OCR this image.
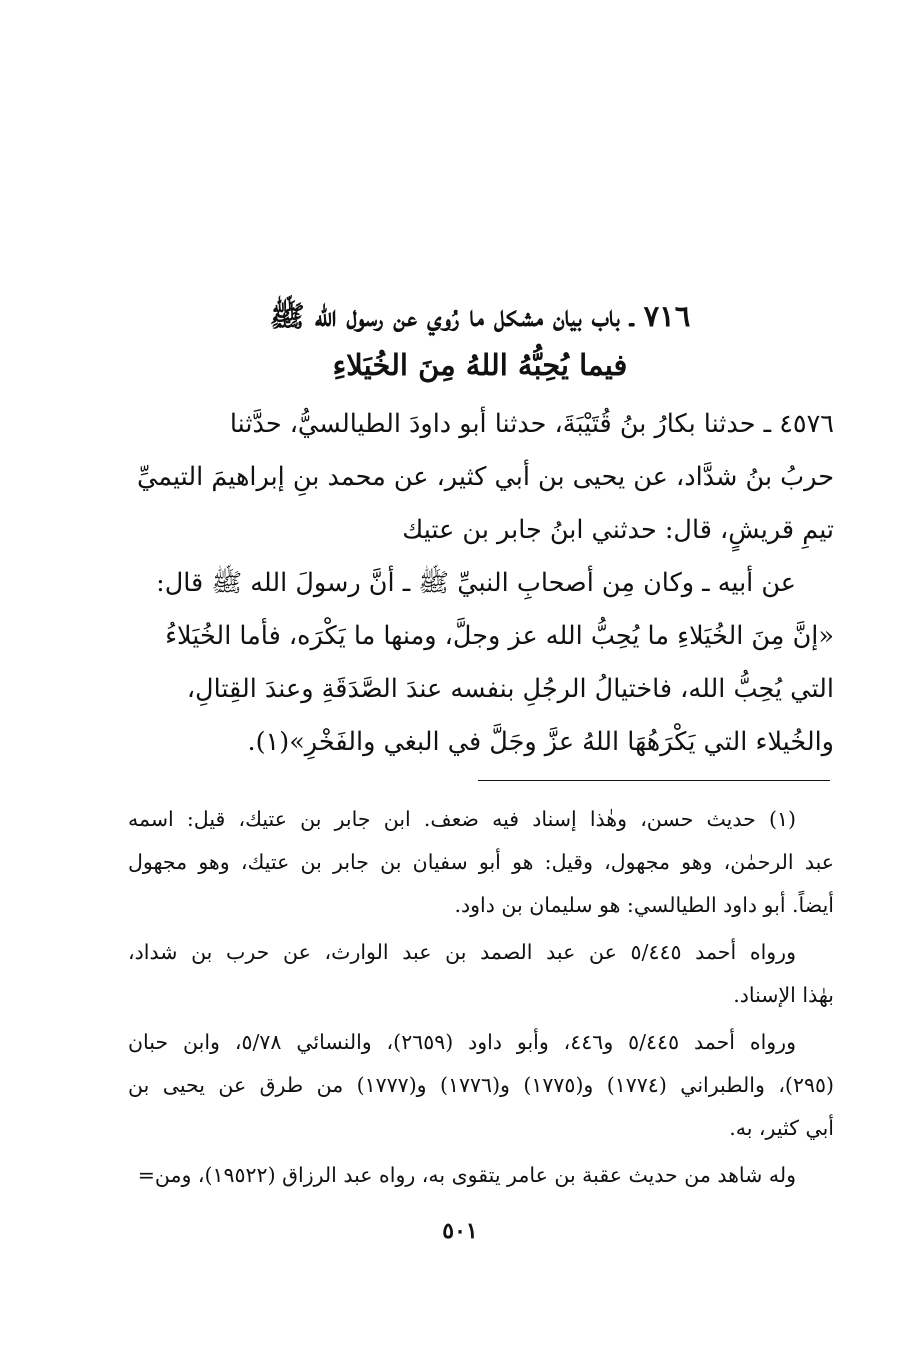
٧١٦ ـ باب بيان مشكل ما رُوي عن رسول الله ﷺ
فيما يُحِبُّهُ اللهُ مِنَ الخُيَلاءِ
٤٥٧٦ ـ حدثنا بكارُ بنُ قُتَيْبَةَ، حدثنا أبو داودَ الطيالسيُّ، حدَّثنا
حربُ بنُ شدَّاد، عن يحيى بن أبي كثير، عن محمد بنِ إبراهيمَ التيميِّ
تيمِ قريشٍ، قال: حدثني ابنُ جابر بن عتيك
عن أبيه ـ وكان مِن أصحابِ النبيِّ ﷺ ـ أنَّ رسولَ الله ﷺ قال:
«إنَّ مِنَ الخُيَلاءِ ما يُحِبُّ الله عز وجلَّ، ومنها ما يَكْرَه، فأما الخُيَلاءُ
التي يُحِبُّ الله، فاختيالُ الرجُلِ بنفسه عندَ الصَّدَقَةِ وعندَ القِتالِ،
والخُيلاء التي يَكْرَهُهَا اللهُ عزَّ وجَلَّ في البغي والفَخْرِ»(١).
(١) حديث حسن، وهٰذا إسناد فيه ضعف. ابن جابر بن عتيك، قيل: اسمه
عبد الرحمٰن، وهو مجهول، وقيل: هو أبو سفيان بن جابر بن عتيك، وهو مجهول
أيضاً. أبو داود الطيالسي: هو سليمان بن داود.
ورواه أحمد ٥/٤٤٥ عن عبد الصمد بن عبد الوارث، عن حرب بن شداد،
بهٰذا الإسناد.
ورواه أحمد ٥/٤٤٥ و٤٤٦، وأبو داود (٢٦٥٩)، والنسائي ٥/٧٨، وابن حبان
(٢٩٥)، والطبراني (١٧٧٤) و(١٧٧٥) و(١٧٧٦) و(١٧٧٧) من طرق عن يحيى بن
أبي كثير، به.
وله شاهد من حديث عقبة بن عامر يتقوى به، رواه عبد الرزاق (١٩٥٢٢)، ومن=
٥٠١
